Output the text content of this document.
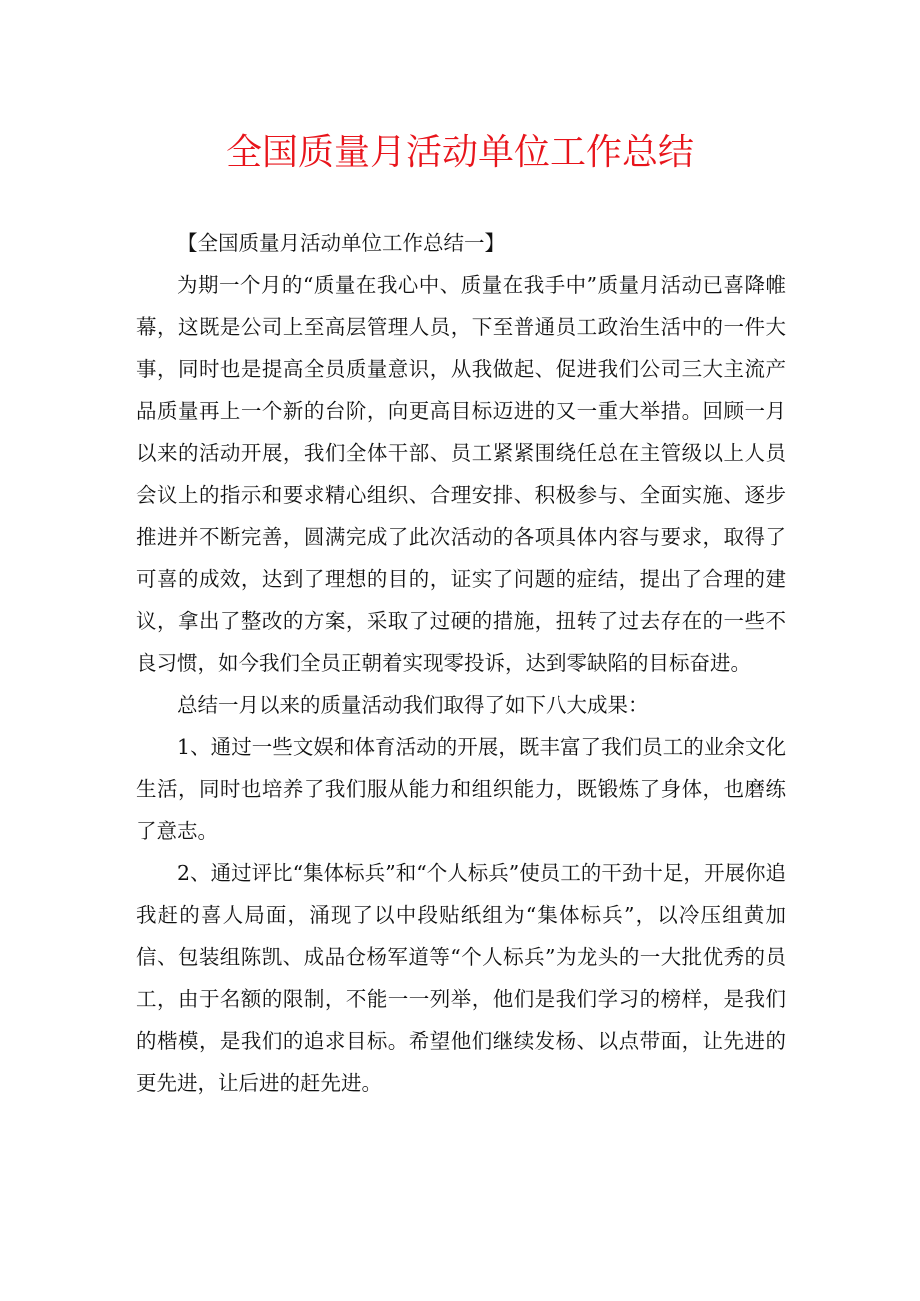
全国质量月活动单位工作总结

【全国质量月活动单位工作总结一】

为期一个月的“质量在我心中、质量在我手中”质量月活动已喜降帷幕，这既是公司上至高层管理人员，下至普通员工政治生活中的一件大事，同时也是提高全员质量意识，从我做起、促进我们公司三大主流产品质量再上一个新的台阶，向更高目标迈进的又一重大举措。回顾一月以来的活动开展，我们全体干部、员工紧紧围绕任总在主管级以上人员会议上的指示和要求精心组织、合理安排、积极参与、全面实施、逐步推进并不断完善，圆满完成了此次活动的各项具体内容与要求，取得了可喜的成效，达到了理想的目的，证实了问题的症结，提出了合理的建议，拿出了整改的方案，采取了过硬的措施，扭转了过去存在的一些不良习惯，如今我们全员正朝着实现零投诉，达到零缺陷的目标奋进。

总结一月以来的质量活动我们取得了如下八大成果：

1、通过一些文娱和体育活动的开展，既丰富了我们员工的业余文化生活，同时也培养了我们服从能力和组织能力，既锻炼了身体，也磨练了意志。

2、通过评比“集体标兵”和“个人标兵”使员工的干劲十足，开展你追我赶的喜人局面，涌现了以中段贴纸组为“集体标兵”，以冷压组黄加信、包装组陈凯、成品仓杨军道等“个人标兵”为龙头的一大批优秀的员工，由于名额的限制，不能一一列举，他们是我们学习的榜样，是我们的楷模，是我们的追求目标。希望他们继续发杨、以点带面，让先进的更先进，让后进的赶先进。
